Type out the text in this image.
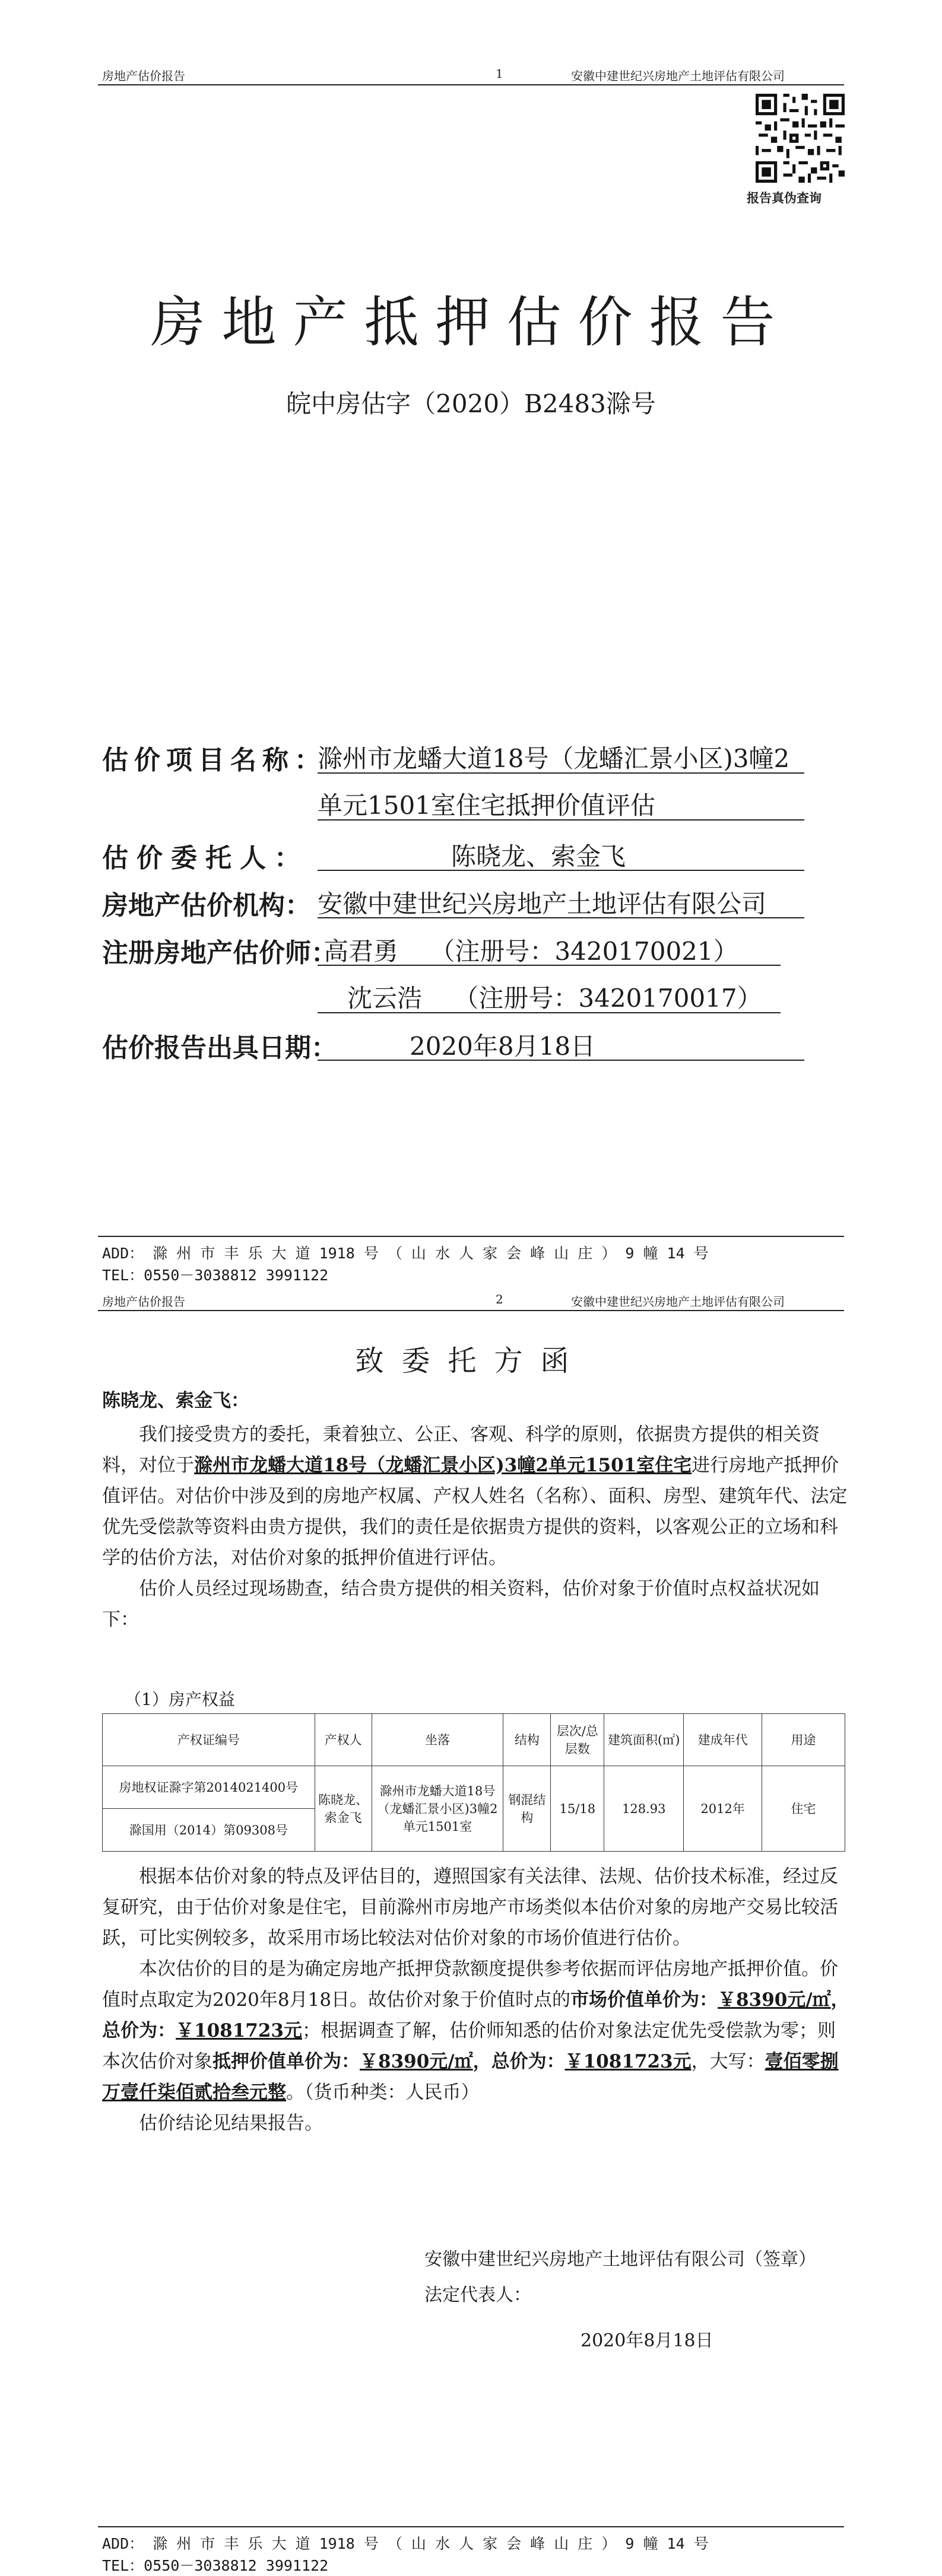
房地产估价报告	1	安徽中建世纪兴房地产土地评估有限公司
报告真伪查询
房地产抵押估价报告
皖中房估字（2020）B2483滁号
估价项目名称：
滁州市龙蟠大道18号（龙蟠汇景小区)3幢2
单元1501室住宅抵押价值评估
估价委托人：	陈晓龙、索金飞
房地产估价机构： 安徽中建世纪兴房地产土地评估有限公司
注册房地产估价师：
高君勇    （注册号：3420170021）
沈云浩    （注册号：3420170017）
估价报告出具日期：	2020年8月18日
ADD： 滁 州 市 丰 乐 大 道 1918 号 （ 山 水 人 家 会 峰 山 庄 ） 9 幢 14 号
TEL：0550－3038812 3991122
房地产估价报告	2	安徽中建世纪兴房地产土地评估有限公司
致委托方函
陈晓龙、索金飞：

我们接受贵方的委托，秉着独立、公正、客观、科学的原则，依据贵方提供的相关资料，对位于滁州市龙蟠大道18号（龙蟠汇景小区)3幢2单元1501室住宅进行房地产抵押价值评估。对估价中涉及到的房地产权属、产权人姓名（名称）、面积、房型、建筑年代、法定优先受偿款等资料由贵方提供，我们的责任是依据贵方提供的资料，以客观公正的立场和科学的估价方法，对估价对象的抵押价值进行评估。

估价人员经过现场勘查，结合贵方提供的相关资料，估价对象于价值时点权益状况如下：

（1）房产权益
产权证编号	产权人	坐落	结构	层次/总层数	建筑面积(㎡)	建成年代	用途
房地权证滁字第2014021400号	陈晓龙、索金飞	滁州市龙蟠大道18号（龙蟠汇景小区)3幢2单元1501室	钢混结构	15/18	128.93	2012年	住宅
滁国用（2014）第09308号							

根据本估价对象的特点及评估目的，遵照国家有关法律、法规、估价技术标准，经过反复研究，由于估价对象是住宅，目前滁州市房地产市场类似本估价对象的房地产交易比较活跃，可比实例较多，故采用市场比较法对估价对象的市场价值进行估价。

本次估价的目的是为确定房地产抵押贷款额度提供参考依据而评估房地产抵押价值。价值时点取定为2020年8月18日。故估价对象于价值时点的市场价值单价为：￥8390元/㎡，总价为：￥1081723元；根据调查了解，估价师知悉的估价对象法定优先受偿款为零；则本次估价对象抵押价值单价为：￥8390元/㎡，总价为：￥1081723元，大写：壹佰零捌万壹仟柒佰贰拾叁元整。（货币种类：人民币）

估价结论见结果报告。

安徽中建世纪兴房地产土地评估有限公司（签章）
法定代表人：
2020年8月18日
ADD： 滁 州 市 丰 乐 大 道 1918 号 （ 山 水 人 家 会 峰 山 庄 ） 9 幢 14 号
TEL：0550－3038812 3991122
